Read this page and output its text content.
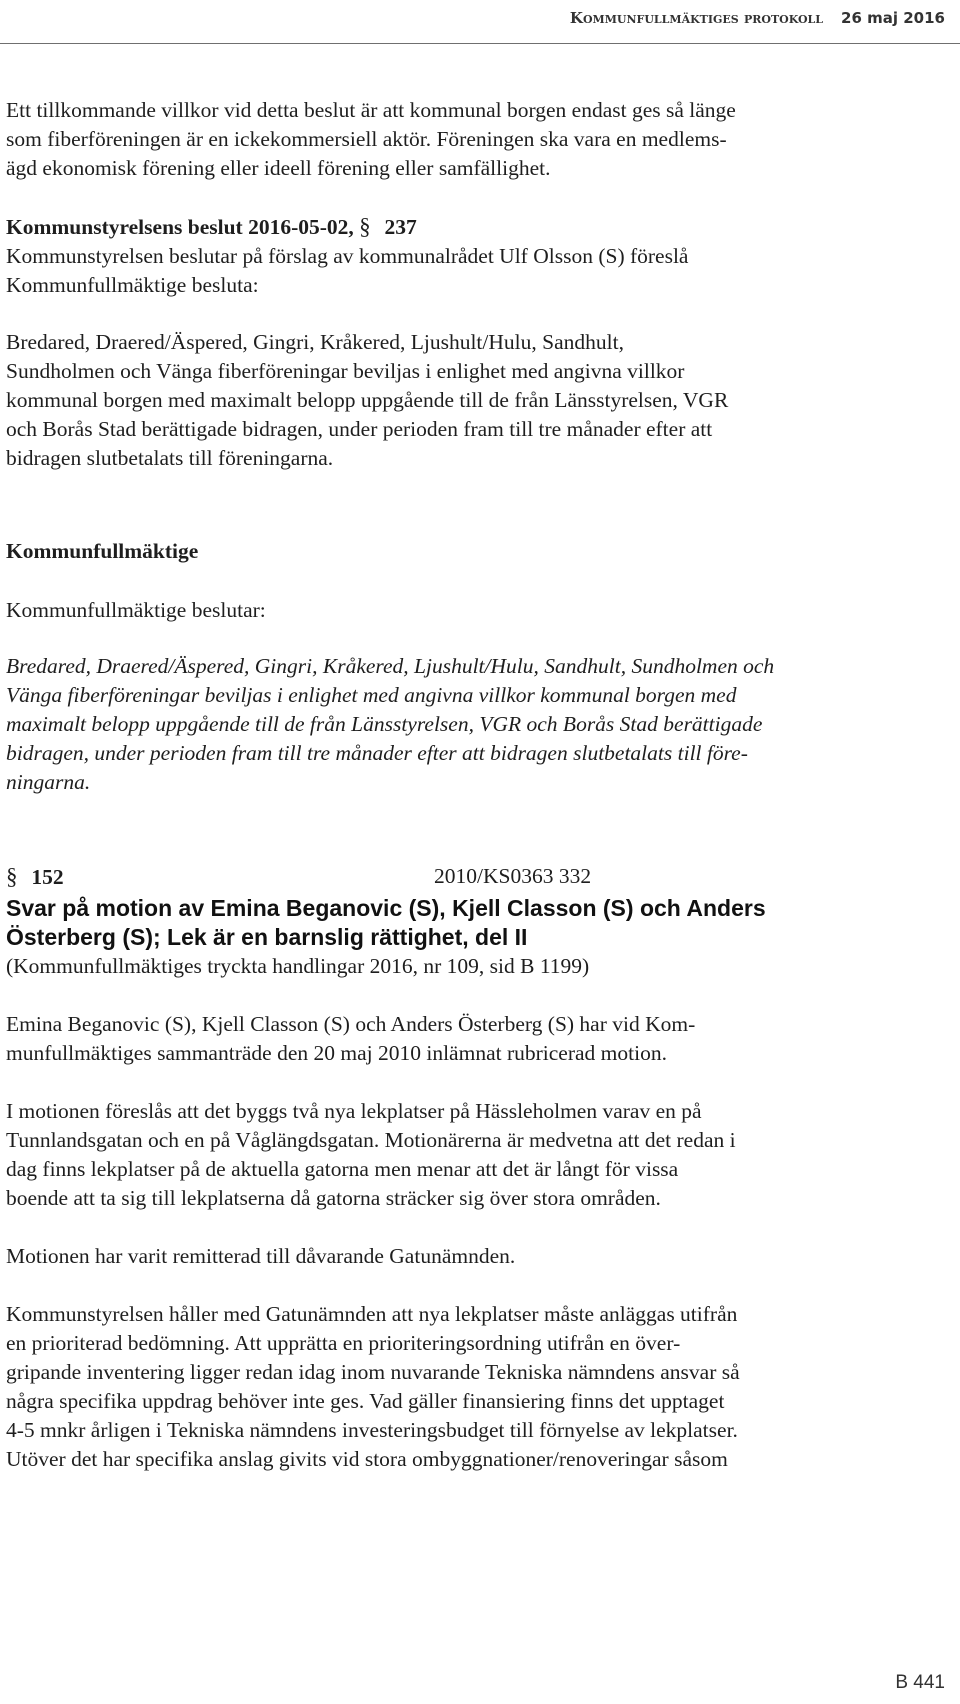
Kommunfullmäktiges protokoll 26 maj 2016

Ett tillkommande villkor vid detta beslut är att kommunal borgen endast ges så länge

som fiberföreningen är en ickekommersiell aktör. Föreningen ska vara en medlems-

ägd ekonomisk förening eller ideell förening eller samfällighet.

Kommunstyrelsens beslut 2016-05-02, § 237

Kommunstyrelsen beslutar på förslag av kommunalrådet Ulf Olsson (S) föreslå

Kommunfullmäktige besluta:

Bredared, Draered/Äspered, Gingri, Kråkered, Ljushult/Hulu, Sandhult,

Sundholmen och Vänga fiberföreningar beviljas i enlighet med angivna villkor

kommunal borgen med maximalt belopp uppgående till de från Länsstyrelsen, VGR

och Borås Stad berättigade bidragen, under perioden fram till tre månader efter att

bidragen slutbetalats till föreningarna.

Kommunfullmäktige
Kommunfullmäktige beslutar:

Bredared, Draered/Äspered, Gingri, Kråkered, Ljushult/Hulu, Sandhult, Sundholmen och

Vänga fiberföreningar beviljas i enlighet med angivna villkor kommunal borgen med

maximalt belopp uppgående till de från Länsstyrelsen, VGR och Borås Stad berättigade

bidragen, under perioden fram till tre månader efter att bidragen slutbetalats till före-

ningarna.

§ 152	2010/KS0363 332

Svar på motion av Emina Beganovic (S), Kjell Classon (S) och Anders

Österberg (S); Lek är en barnslig rättighet, del II

(Kommunfullmäktiges tryckta handlingar 2016, nr 109, sid B 1199)

Emina Beganovic (S), Kjell Classon (S) och Anders Österberg (S) har vid Kom-

munfullmäktiges sammanträde den 20 maj 2010 inlämnat rubricerad motion.

I motionen föreslås att det byggs två nya lekplatser på Hässleholmen varav en på

Tunnlandsgatan och en på Våglängdsgatan. Motionärerna är medvetna att det redan i

dag finns lekplatser på de aktuella gatorna men menar att det är långt för vissa

boende att ta sig till lekplatserna då gatorna sträcker sig över stora områden.

Motionen har varit remitterad till dåvarande Gatunämnden.

Kommunstyrelsen håller med Gatunämnden att nya lekplatser måste anläggas utifrån

en prioriterad bedömning. Att upprätta en prioriteringsordning utifrån en över-

gripande inventering ligger redan idag inom nuvarande Tekniska nämndens ansvar så

några specifika uppdrag behöver inte ges. Vad gäller finansiering finns det upptaget

4-5 mnkr årligen i Tekniska nämndens investeringsbudget till förnyelse av lekplatser.

Utöver det har specifika anslag givits vid stora ombyggnationer/renoveringar såsom

B 441
